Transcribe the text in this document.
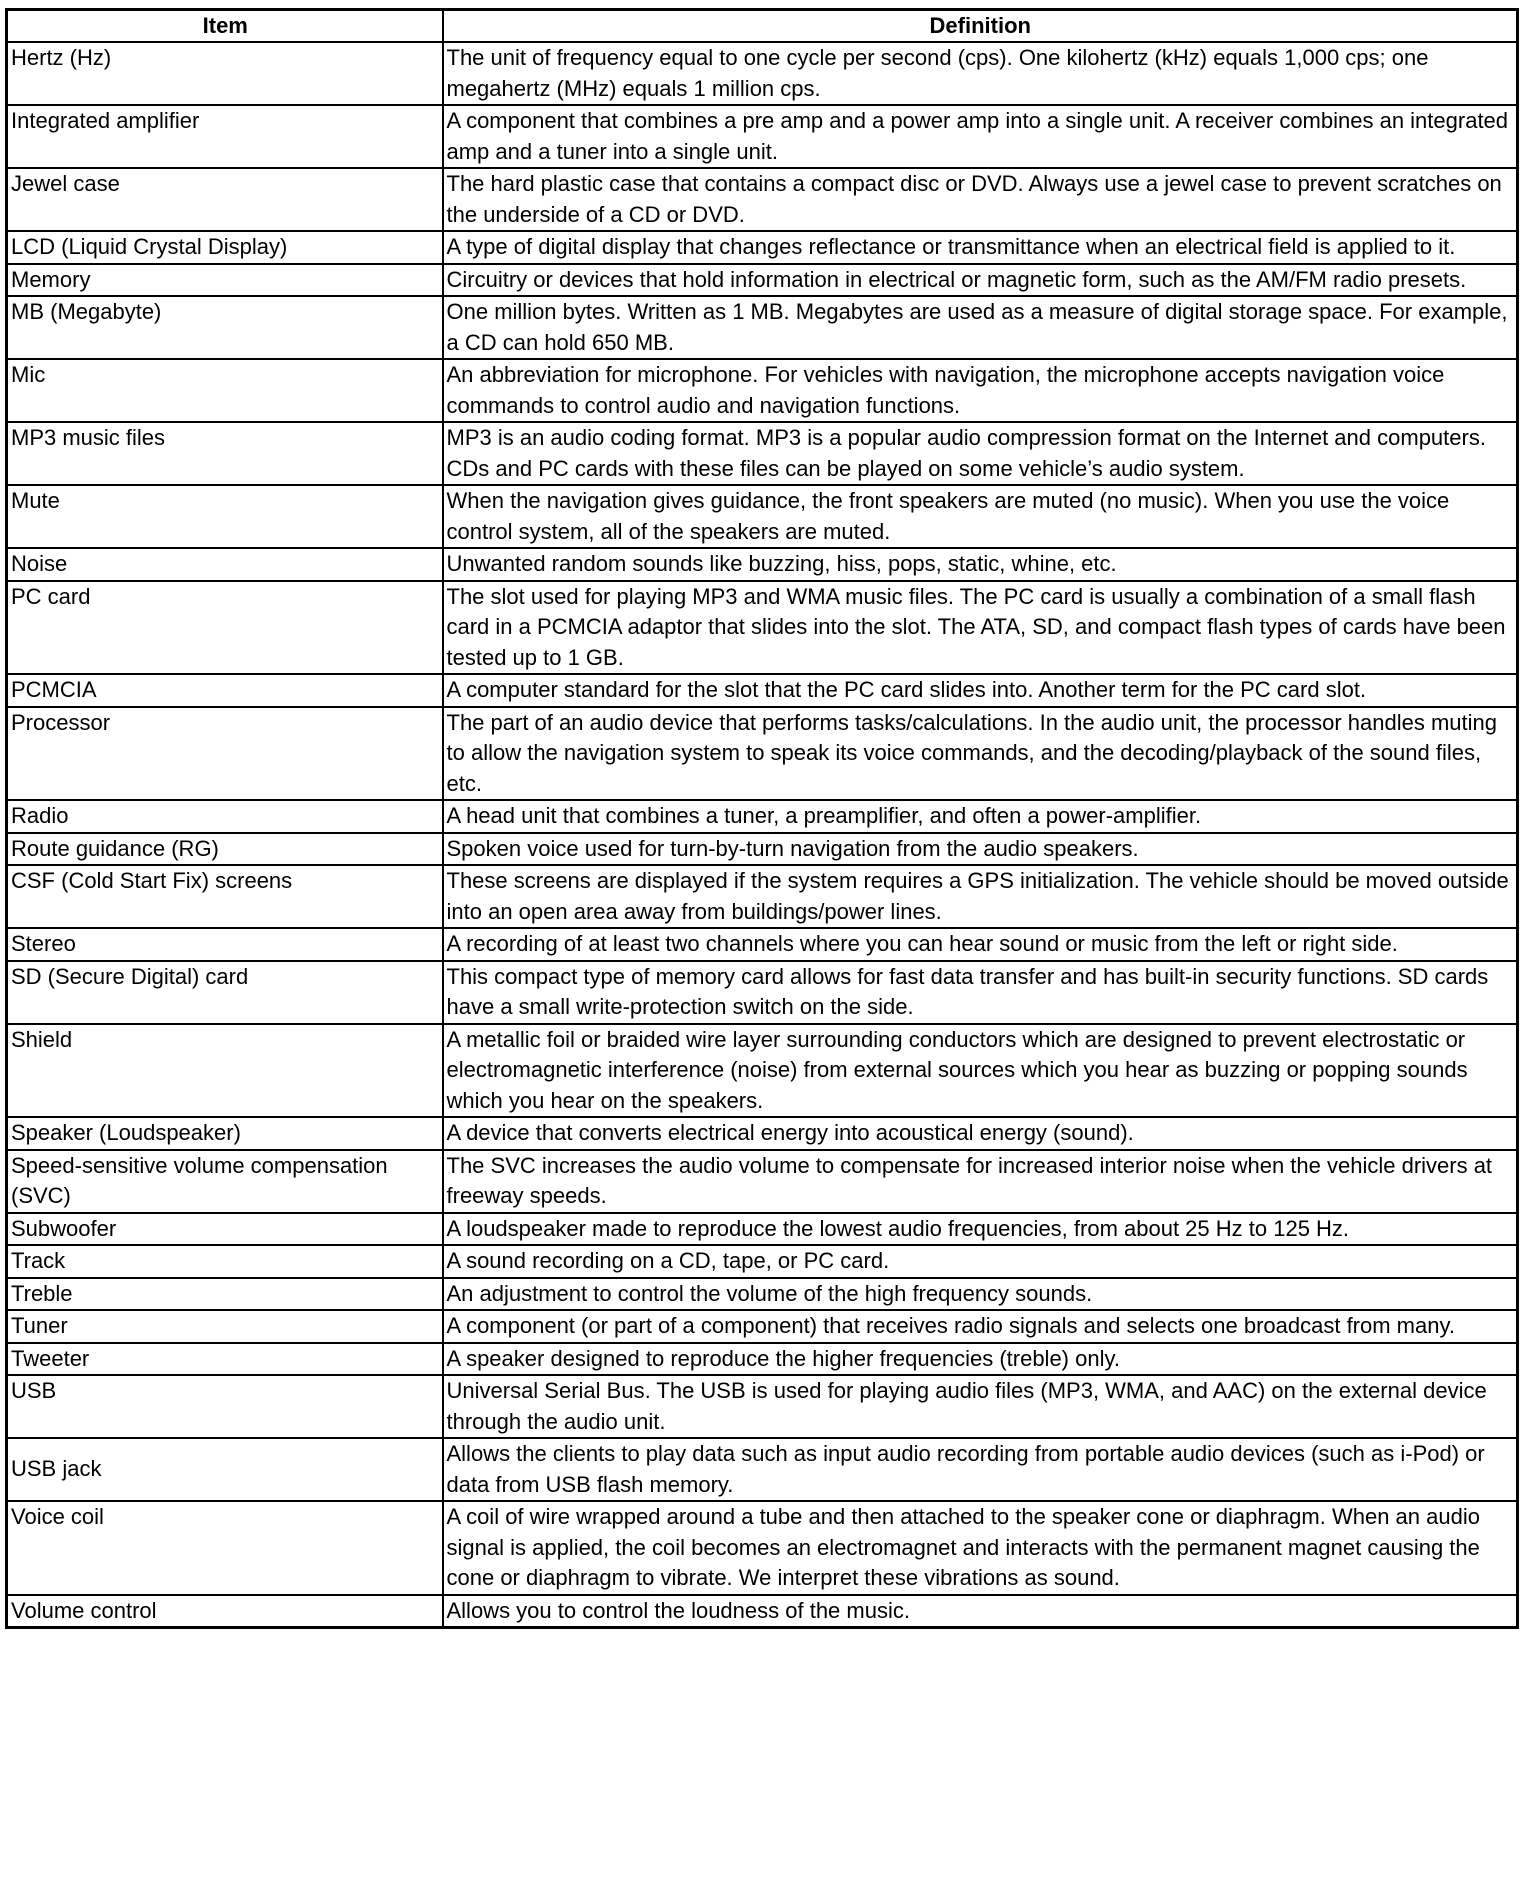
Item	Definition
Hertz (Hz)	The unit of frequency equal to one cycle per second (cps). One kilohertz (kHz) equals 1,000 cps; one megahertz (MHz) equals 1 million cps.
Integrated amplifier	A component that combines a pre amp and a power amp into a single unit. A receiver combines an integrated amp and a tuner into a single unit.
Jewel case	The hard plastic case that contains a compact disc or DVD. Always use a jewel case to prevent scratches on the underside of a CD or DVD.
LCD (Liquid Crystal Display)	A type of digital display that changes reflectance or transmittance when an electrical field is applied to it.
Memory	Circuitry or devices that hold information in electrical or magnetic form, such as the AM/FM radio presets.
MB (Megabyte)	One million bytes. Written as 1 MB. Megabytes are used as a measure of digital storage space. For example, a CD can hold 650 MB.
Mic	An abbreviation for microphone. For vehicles with navigation, the microphone accepts navigation voice commands to control audio and navigation functions.
MP3 music files	MP3 is an audio coding format. MP3 is a popular audio compression format on the Internet and computers. CDs and PC cards with these files can be played on some vehicle’s audio system.
Mute	When the navigation gives guidance, the front speakers are muted (no music). When you use the voice control system, all of the speakers are muted.
Noise	Unwanted random sounds like buzzing, hiss, pops, static, whine, etc.
PC card	The slot used for playing MP3 and WMA music files. The PC card is usually a combination of a small flash card in a PCMCIA adaptor that slides into the slot. The ATA, SD, and compact flash types of cards have been tested up to 1 GB.
PCMCIA	A computer standard for the slot that the PC card slides into. Another term for the PC card slot.
Processor	The part of an audio device that performs tasks/calculations. In the audio unit, the processor handles muting to allow the navigation system to speak its voice commands, and the decoding/playback of the sound files, etc.
Radio	A head unit that combines a tuner, a preamplifier, and often a power-amplifier.
Route guidance (RG)	Spoken voice used for turn-by-turn navigation from the audio speakers.
CSF (Cold Start Fix) screens	These screens are displayed if the system requires a GPS initialization. The vehicle should be moved outside into an open area away from buildings/power lines.
Stereo	A recording of at least two channels where you can hear sound or music from the left or right side.
SD (Secure Digital) card	This compact type of memory card allows for fast data transfer and has built-in security functions. SD cards have a small write-protection switch on the side.
Shield	A metallic foil or braided wire layer surrounding conductors which are designed to prevent electrostatic or electromagnetic interference (noise) from external sources which you hear as buzzing or popping sounds which you hear on the speakers.
Speaker (Loudspeaker)	A device that converts electrical energy into acoustical energy (sound).
Speed-sensitive volume compensation (SVC)	The SVC increases the audio volume to compensate for increased interior noise when the vehicle drivers at freeway speeds.
Subwoofer	A loudspeaker made to reproduce the lowest audio frequencies, from about 25 Hz to 125 Hz.
Track	A sound recording on a CD, tape, or PC card.
Treble	An adjustment to control the volume of the high frequency sounds.
Tuner	A component (or part of a component) that receives radio signals and selects one broadcast from many.
Tweeter	A speaker designed to reproduce the higher frequencies (treble) only.
USB	Universal Serial Bus. The USB is used for playing audio files (MP3, WMA, and AAC) on the external device through the audio unit.
USB jack	Allows the clients to play data such as input audio recording from portable audio devices (such as i-Pod) or data from USB flash memory.
Voice coil	A coil of wire wrapped around a tube and then attached to the speaker cone or diaphragm. When an audio signal is applied, the coil becomes an electromagnet and interacts with the permanent magnet causing the cone or diaphragm to vibrate. We interpret these vibrations as sound.
Volume control	Allows you to control the loudness of the music.
